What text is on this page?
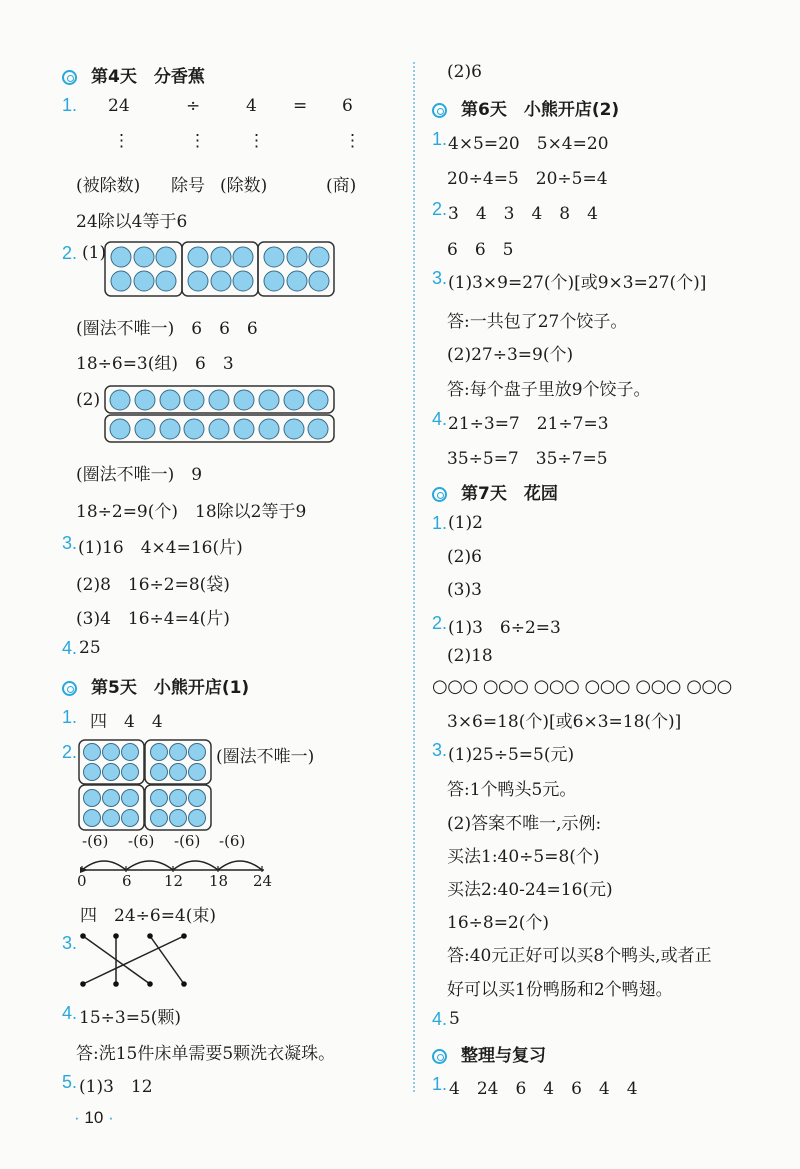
第4天　分香蕉
1. 24	÷	4 = 6
⋮	⋮ ⋮	⋮
(被除数) 除号 (除数)	(商)
24除以4等于6
2. (1)
(圈法不唯一)　6　6　6
18÷6=3(组)　6　3
(2)
(圈法不唯一)　9
18÷2=9(个)　18除以2等于9
3. (1)16　4×4=16(片)
(2)8　16÷2=8(袋)
(3)4　16÷4=4(片)
4. 25
第5天　小熊开店(1)
1. 四　4　4
2.	(圈法不唯一)
-(6) -(6) -(6) -(6)
0 6 12 18 24
四　24÷6=4(束)
3.
4. 15÷3=5(颗)
答:洗15件床单需要5颗洗衣凝珠。
5. (1)3　12
· 10 ·
(2)6
第6天　小熊开店(2)
1. 4×5=20　5×4=20
20÷4=5　20÷5=4
2. 3　4　3　4　8　4
6　6　5
3. (1)3×9=27(个)[或9×3=27(个)]
答:一共包了27个饺子。
(2)27÷3=9(个)
答:每个盘子里放9个饺子。
4. 21÷3=7　21÷7=3
35÷5=7　35÷7=5
第7天　花园
1. (1)2
(2)6
(3)3
2. (1)3　6÷2=3
(2)18
○○○ ○○○ ○○○ ○○○ ○○○ ○○○
3×6=18(个)[或6×3=18(个)]
3. (1)25÷5=5(元)
答:1个鸭头5元。
(2)答案不唯一,示例:
买法1:40÷5=8(个)
买法2:40-24=16(元)
16÷8=2(个)
答:40元正好可以买8个鸭头,或者正
好可以买1份鸭肠和2个鸭翅。
4. 5
整理与复习
1. 4　24　6　4　6　4　4
